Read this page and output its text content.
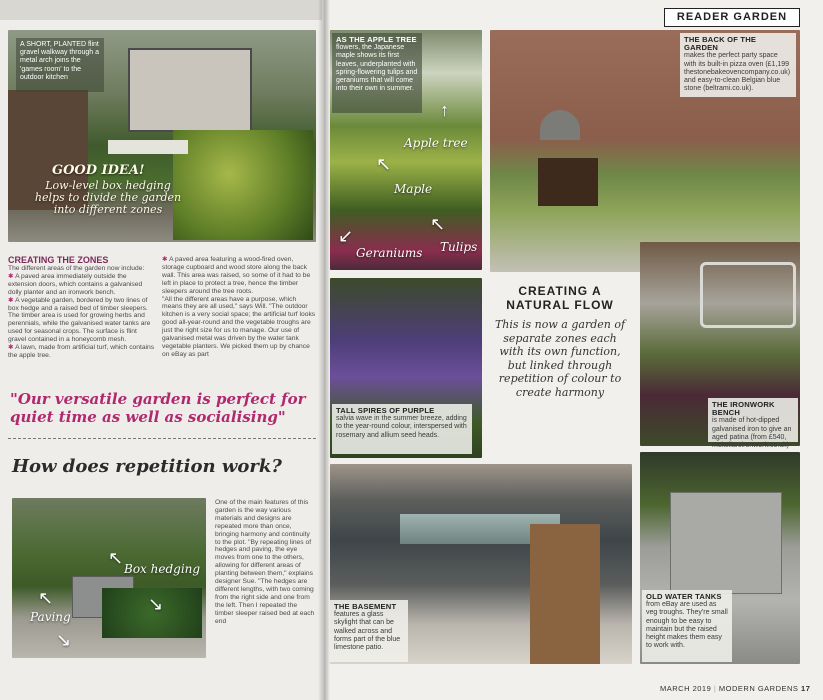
A SHORT, PLANTED flint gravel walkway through a metal arch joins the 'games room' to the outdoor kitchen
GOOD IDEA!
Low-level box hedging helps to divide the garden into different zones
CREATING THE ZONES

The different areas of the garden now include:

✱ A paved area immediately outside the extension doors, which contains a galvanised dolly planter and an ironwork bench.

✱ A vegetable garden, bordered by two lines of box hedge and a raised bed of timber sleepers. The timber area is used for growing herbs and perennials, while the galvanised water tanks are used for seasonal crops. The surface is flint gravel contained in a honeycomb mesh.

✱ A lawn, made from artificial turf, which contains the apple tree.

✱ A paved area featuring a wood-fired oven, storage cupboard and wood store along the back wall. This area was raised, so some of it had to be left in place to protect a tree, hence the timber sleepers around the tree roots.

"All the different areas have a purpose, which means they are all used," says Will. "The outdoor kitchen is a very social space; the artificial turf looks good all-year-round and the vegetable troughs are just the right size for us to manage. Our use of galvanised metal was driven by the water tank vegetable planters. We picked them up by chance on eBay as part

"Our versatile garden is perfect for quiet time as well as socialising"
How does repetition work?
Box hedging
Paving
↖
↘
↖
↘
One of the main features of this garden is the way various materials and designs are repeated more than once, bringing harmony and continuity to the plot. "By repeating lines of hedges and paving, the eye moves from one to the others, allowing for different areas of planting between them," explains designer Sue. "The hedges are different lengths, with two coming from the right side and one from the left. Then I repeated the timber sleeper raised bed at each end
READER GARDEN
AS THE APPLE TREE
flowers, the Japanese maple shows its first leaves, underplanted with spring-flowering tulips and geraniums that will come into their own in summer.
Apple tree
Maple
Geraniums Tulips
↑
↖
↖
↙
THE BACK OF THE GARDEN
makes the perfect party space with its built-in pizza oven (£1,199 thestonebakeovencompany.co.uk) and easy-to-clean Belgian blue stone (beltrami.co.uk).
TALL SPIRES OF PURPLE
salvia wave in the summer breeze, adding to the year-round colour, interspersed with rosemary and allium seed heads.
CREATING A
NATURAL FLOW
This is now a garden of separate zones each with its own function, but linked through repetition of colour to create harmony
THE IRONWORK BENCH
is made of hot-dipped galvanised iron to give an aged patina (from £540, mckellarsironwork.co.uk)
THE BASEMENT
features a glass skylight that can be walked across and forms part of the blue limestone patio.
OLD WATER TANKS
from eBay are used as veg troughs. They're small enough to be easy to maintain but the raised height makes them easy to work with.
MARCH 2019 | MODERN GARDENS 17
